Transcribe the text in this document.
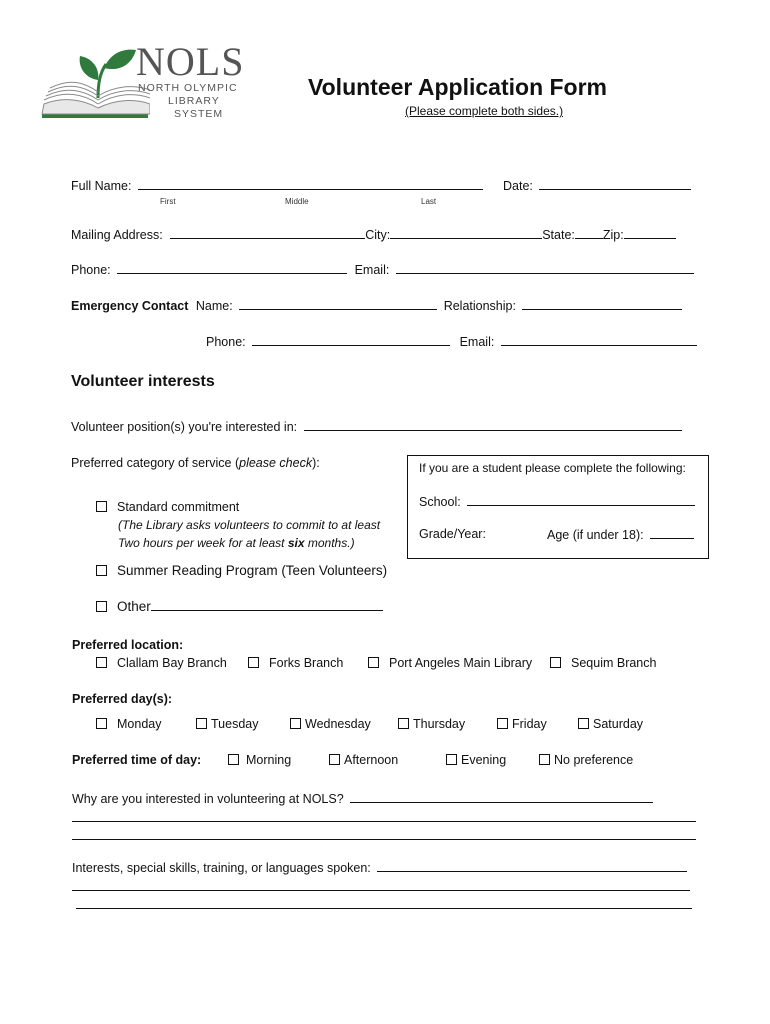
NOLS
NORTH OLYMPIC
LIBRARY
SYSTEM
Volunteer Application Form
(Please complete both sides.)
Full Name:
First	Middle	Last
Date:
Mailing Address:	City:	State: Zip:
Phone:	Email:
Emergency Contact Name:	Relationship:
Phone:	Email:
Volunteer interests
Volunteer position(s) you're interested in:
Preferred category of service (please check):
Standard commitment
(The Library asks volunteers to commit to at least
Two hours per week for at least six months.)
Summer Reading Program (Teen Volunteers)
Other
If you are a student please complete the following:
School:
Grade/Year:	Age (if under 18):
Preferred location:
Clallam Bay Branch	Forks Branch	Port Angeles Main Library	Sequim Branch
Preferred day(s):
Monday	Tuesday	Wednesday	Thursday	Friday	Saturday
Preferred time of day:	Morning	Afternoon	Evening	No preference
Why are you interested in volunteering at NOLS?
Interests, special skills, training, or languages spoken:
